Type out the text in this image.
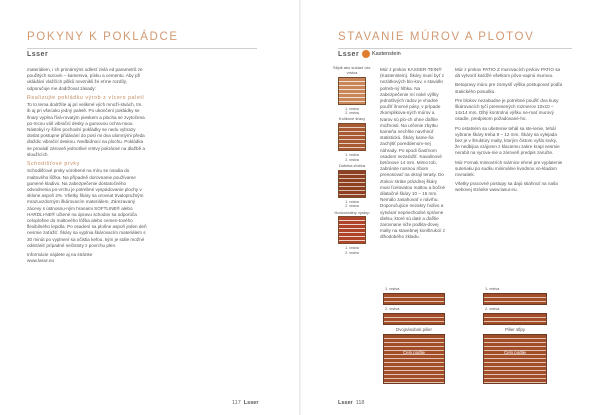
POKYNY K POKLÁDCE
Lsser

materiálem, i ch primárnými odlesť zivlá ed parametrů ze použitých surovin – kameniva, písku a cementu. Aby při ukládání vlažčích pilíků nevznikli že eťme rozdíly, odporučuje me dodržovat zásady:

Realizujte pokládku výrob z vícero paletí

To to tema dodržíte aj pri velikmé vých množí-stvách, tm. ib aj pri všecako jedný paletě. Po ukončení pokládky se šnary vyplna řívá-rovatým pieskem a plocha se zvytočena po-mcou váš vibrační desky a gumovou ochra-noou. Nástokyí ry šířes pochodní pokládky se nedu vybrazy doslat postupne přidávání do posí mi dva ulomnými předa dlaždic vibrační deskou. Nedbídnoci na plochu. Pokládka se provádí zároveň jednotlivé vrstvy pokrácsé na dlažbě a sloužících.

Schodišťové prvky

Schodišťové prvky vorobené na míru se osadia do maltového lůžka. Na případně dorovnanie používame gumené kladivo. Na zabezpečenie dostatočného odvodnenia po-vrchu je potrebné vyspádovanie plochy v sklone aspoň 2%. Všetky škáry sa urovnat trvalopružným mrazuvzdorným škárovacím materiálem. Zárezavaný zácevy s ústnosnu-ným hranami SOFTLINE® alebo HARDLI-NE® učtené na úpravu schodov sa odporúča celoplošne do maltového lôžka alebo cemen-tového flexibilného lepidla. Po osadení sa plošne aspoň jeden deň nesmie zaťažiť. Škáry sa vyplnia škárovacím materiálem s 30 minút po vyplnení sa očistia kefou, kým je stále možné odstrániť prípadné nečistoty z povrchu plen.

Informácie nájdete aj na stránke
www.lasur.eu

117 Lsser
STAVANIE MÚROV A PLOTOV
Lsser Kastenstein
Stĺpik ako súčasť obr. vrstva
1. vrstva
2. vrstva
Kolíkové šťavy
1. vrstva
2. vrstva
Dutinka zlúčba
1. vrstva
2. vrstva
Horizontálny vystup
1. vrstva
2. vrstva

Múr z prvkov KASSER-TEIN® (Kastenstein). Škáry musí byť z nezátkových blo-kov, v stavidlo potreb-ný hlbka. Na zabezpečenie mí noké výšky jednotlivých radov je vhodné použiť šnorné pásy, v prípade zkomplikova-ných múrov a tvarov sú plo-ch ohne ďaľšie možnosti. Na určenie zbytku kameňa nechňte navrhnúť statistickú. Škáry kame-ňa zachýtiť poreddenom-nej náhrady. Po spodi čiasťnom osadení nezaťažiť. Kavalinové betónove 14 mm. Mimo tob, zabránite nosnou ríbom prenosovať na okrají terasy. Do ztokov stráte prázdnej škáry musi ťcelovatou maltou a bočné dilatačné škáry 10 – 15 mm. Nemálo zasahovať v návrhu. Doporučujúce nezakry ťvdivo a vytvárať nepriechodné správne dielsu, ktoré sú daté a ďaľšie zarovnane niže podkla-dovej malty na stavebnej konštrukcií z dlhodobého zkladu.

Múr z prvkov PATIO Z murovacích prvkov PATIO sa dá vytvoriť kaťdžé všetkom pôvo-vapnú murova.

Betopravy múru pre zomyslí výška postupovať podľa statického posudku.

Pre blokov nezabudne je potrebné použiť dva kusy škárovacích tyčí prenesených rozmerov 10x10 – 14x14 mm. Dlhý kontrolnú výšku ne-mať murový osadie, predpisom požadované-ho.

Po ostatném sa ušetrenie tehál sa ste-lenie, tehál vybrane škáry treba 8 – 12 mm. Škáry sa vylejada bez je v štruktúry malty, ktorým čistom vyšlo lovky, že nedbijoa vzájomn z klaciemu zakre krapi nesmie nerabit na vyrova-nie a zároveň predpis zaručte.

Múr Fornak mimovtrích tvárnice ehmé pre vyplatenie suteriaku po sudku minimálne kvodnou vo-kladom rovnatiek.

Všetky pracovné postupy sa dajú stiahnuť na naša webovej stránke www.lasur.eu.

1. vrstva
2. vrstva
Dvojnásobok pilier
Čelo podlie
1. vrstva
2. vrstva
Pilier stĺpy
Čelo podlie
Lsser 118
